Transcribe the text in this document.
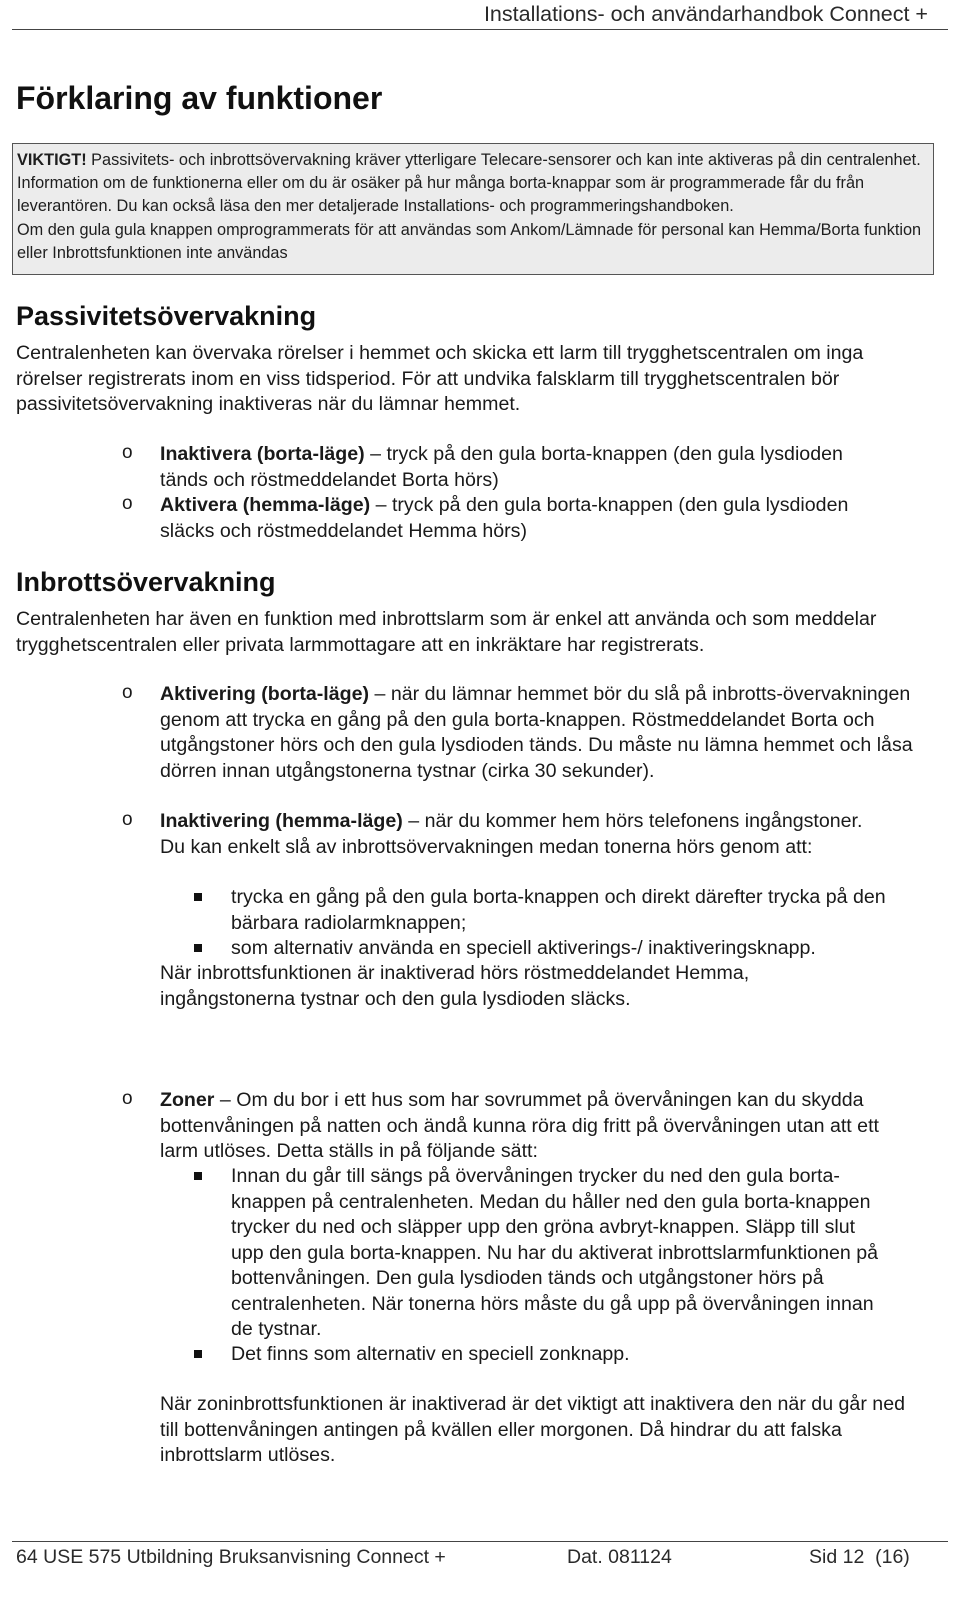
Installations- och användarhandbok Connect +
Förklaring av funktioner

VIKTIGT! Passivitets- och inbrottsövervakning kräver ytterligare Telecare-sensorer och kan inte aktiveras på din centralenhet. Information om de funktionerna eller om du är osäker på hur många borta-knappar som är programmerade får du från leverantören. Du kan också läsa den mer detaljerade Installations- och programmeringshandboken.

Om den gula gula knappen omprogrammerats för att användas som Ankom/Lämnade för personal kan Hemma/Borta funktion eller Inbrottsfunktionen inte användas

Passivitetsövervakning
Centralenheten kan övervaka rörelser i hemmet och skicka ett larm till trygghetscentralen om inga rörelser registrerats inom en viss tidsperiod. För att undvika falsklarm till trygghetscentralen bör passivitetsövervakning inaktiveras när du lämnar hemmet.
o Inaktivera (borta-läge) – tryck på den gula borta-knappen (den gula lysdioden tänds och röstmeddelandet Borta hörs)
o Aktivera (hemma-läge) – tryck på den gula borta-knappen (den gula lysdioden släcks och röstmeddelandet Hemma hörs)
Inbrottsövervakning
Centralenheten har även en funktion med inbrottslarm som är enkel att använda och som meddelar trygghetscentralen eller privata larmmottagare att en inkräktare har registrerats.
o Aktivering (borta-läge) – när du lämnar hemmet bör du slå på inbrotts-övervakningen genom att trycka en gång på den gula borta-knappen. Röstmeddelandet Borta och utgångstoner hörs och den gula lysdioden tänds. Du måste nu lämna hemmet och låsa dörren innan utgångstonerna tystnar (cirka 30 sekunder).
o Inaktivering (hemma-läge) – när du kommer hem hörs telefonens ingångstoner. Du kan enkelt slå av inbrottsövervakningen medan tonerna hörs genom att:
trycka en gång på den gula borta-knappen och direkt därefter trycka på den bärbara radiolarmknappen;
som alternativ använda en speciell aktiverings-/ inaktiveringsknapp.
När inbrottsfunktionen är inaktiverad hörs röstmeddelandet Hemma, ingångstonerna tystnar och den gula lysdioden släcks.
o Zoner – Om du bor i ett hus som har sovrummet på övervåningen kan du skydda bottenvåningen på natten och ändå kunna röra dig fritt på övervåningen utan att ett larm utlöses. Detta ställs in på följande sätt:
Innan du går till sängs på övervåningen trycker du ned den gula borta-knappen på centralenheten. Medan du håller ned den gula borta-knappen trycker du ned och släpper upp den gröna avbryt-knappen. Släpp till slut upp den gula borta-knappen. Nu har du aktiverat inbrottslarmfunktionen på bottenvåningen. Den gula lysdioden tänds och utgångstoner hörs på centralenheten. När tonerna hörs måste du gå upp på övervåningen innan de tystnar.
Det finns som alternativ en speciell zonknapp.
När zoninbrottsfunktionen är inaktiverad är det viktigt att inaktivera den när du går ned till bottenvåningen antingen på kvällen eller morgonen. Då hindrar du att falska inbrottslarm utlöses.
64 USE 575 Utbildning Bruksanvisning Connect +	Dat. 081124	Sid 12  (16)
